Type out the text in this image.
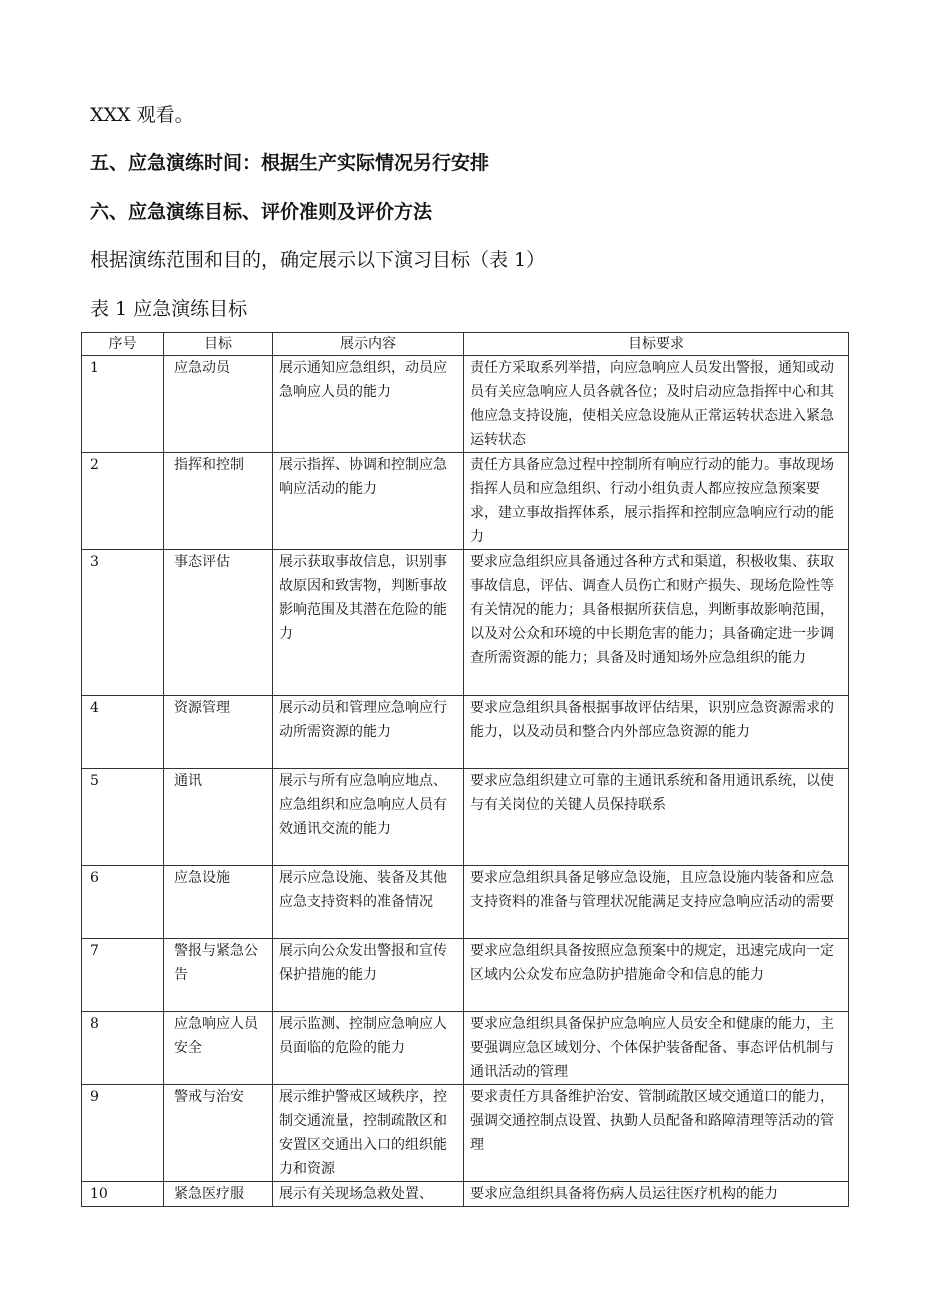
XXX 观看。
五、应急演练时间：根据生产实际情况另行安排
六、应急演练目标、评价准则及评价方法
根据演练范围和目的，确定展示以下演习目标（表 1）
表 1 应急演练目标
序号	目标	展示内容	目标要求
1	应急动员	展示通知应急组织，动员应急响应人员的能力	责任方采取系列举措，向应急响应人员发出警报，通知或动员有关应急响应人员各就各位；及时启动应急指挥中心和其他应急支持设施，使相关应急设施从正常运转状态进入紧急运转状态
2	指挥和控制	展示指挥、协调和控制应急响应活动的能力	责任方具备应急过程中控制所有响应行动的能力。事故现场指挥人员和应急组织、行动小组负责人都应按应急预案要求，建立事故指挥体系，展示指挥和控制应急响应行动的能力
3	事态评估	展示获取事故信息，识别事故原因和致害物，判断事故影响范围及其潜在危险的能力	要求应急组织应具备通过各种方式和渠道，积极收集、获取事故信息，评估、调查人员伤亡和财产损失、现场危险性等有关情况的能力；具备根据所获信息，判断事故影响范围，以及对公众和环境的中长期危害的能力；具备确定进一步调查所需资源的能力；具备及时通知场外应急组织的能力
4	资源管理	展示动员和管理应急响应行动所需资源的能力	要求应急组织具备根据事故评估结果，识别应急资源需求的能力，以及动员和整合内外部应急资源的能力
5	通讯	展示与所有应急响应地点、应急组织和应急响应人员有效通讯交流的能力	要求应急组织建立可靠的主通讯系统和备用通讯系统，以使与有关岗位的关键人员保持联系
6	应急设施	展示应急设施、装备及其他应急支持资料的准备情况	要求应急组织具备足够应急设施，且应急设施内装备和应急支持资料的准备与管理状况能满足支持应急响应活动的需要
7	警报与紧急公告	展示向公众发出警报和宣传保护措施的能力	要求应急组织具备按照应急预案中的规定，迅速完成向一定区域内公众发布应急防护措施命令和信息的能力
8	应急响应人员安全	展示监测、控制应急响应人员面临的危险的能力	要求应急组织具备保护应急响应人员安全和健康的能力，主要强调应急区域划分、个体保护装备配备、事态评估机制与通讯活动的管理
9	警戒与治安	展示维护警戒区域秩序，控制交通流量，控制疏散区和安置区交通出入口的组织能力和资源	要求责任方具备维护治安、管制疏散区域交通道口的能力，强调交通控制点设置、执勤人员配备和路障清理等活动的管理
10	紧急医疗服	展示有关现场急救处置、	要求应急组织具备将伤病人员运往医疗机构的能力
